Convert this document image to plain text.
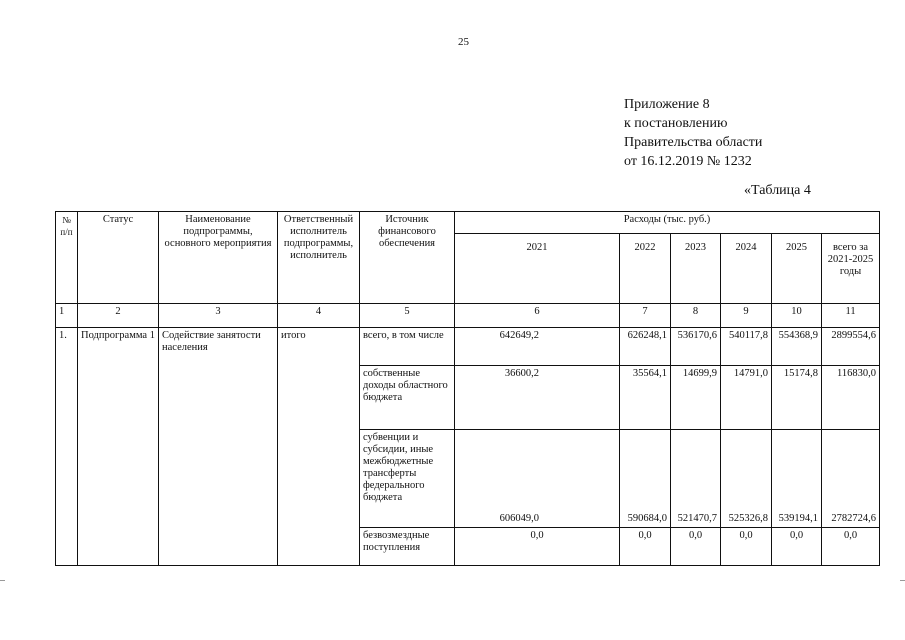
25
Приложение 8
к постановлению
Правительства области
от 16.12.2019 № 1232
«Таблица 4
№ п/п	Статус	Наименование подпрограммы, основного мероприятия	Ответственный исполнитель подпрограммы, исполнитель	Источник финансового обеспечения	Расходы (тыс. руб.)					
					2021	2022	2023	2024	2025	всего за 2021-2025 годы
1	2	3	4	5	6	7	8	9	10	11
1.	Подпрограмма 1	Содействие занятости населения	итого	всего, в том числе	642649,2	626248,1	536170,6	540117,8	554368,9	2899554,6
				собственные доходы областного бюджета	36600,2	35564,1	14699,9	14791,0	15174,8	116830,0
				субвенции и субсидии, иные межбюджетные трансферты федерального бюджета	606049,0	590684,0	521470,7	525326,8	539194,1	2782724,6
				безвозмездные поступления	0,0	0,0	0,0	0,0	0,0	0,0
